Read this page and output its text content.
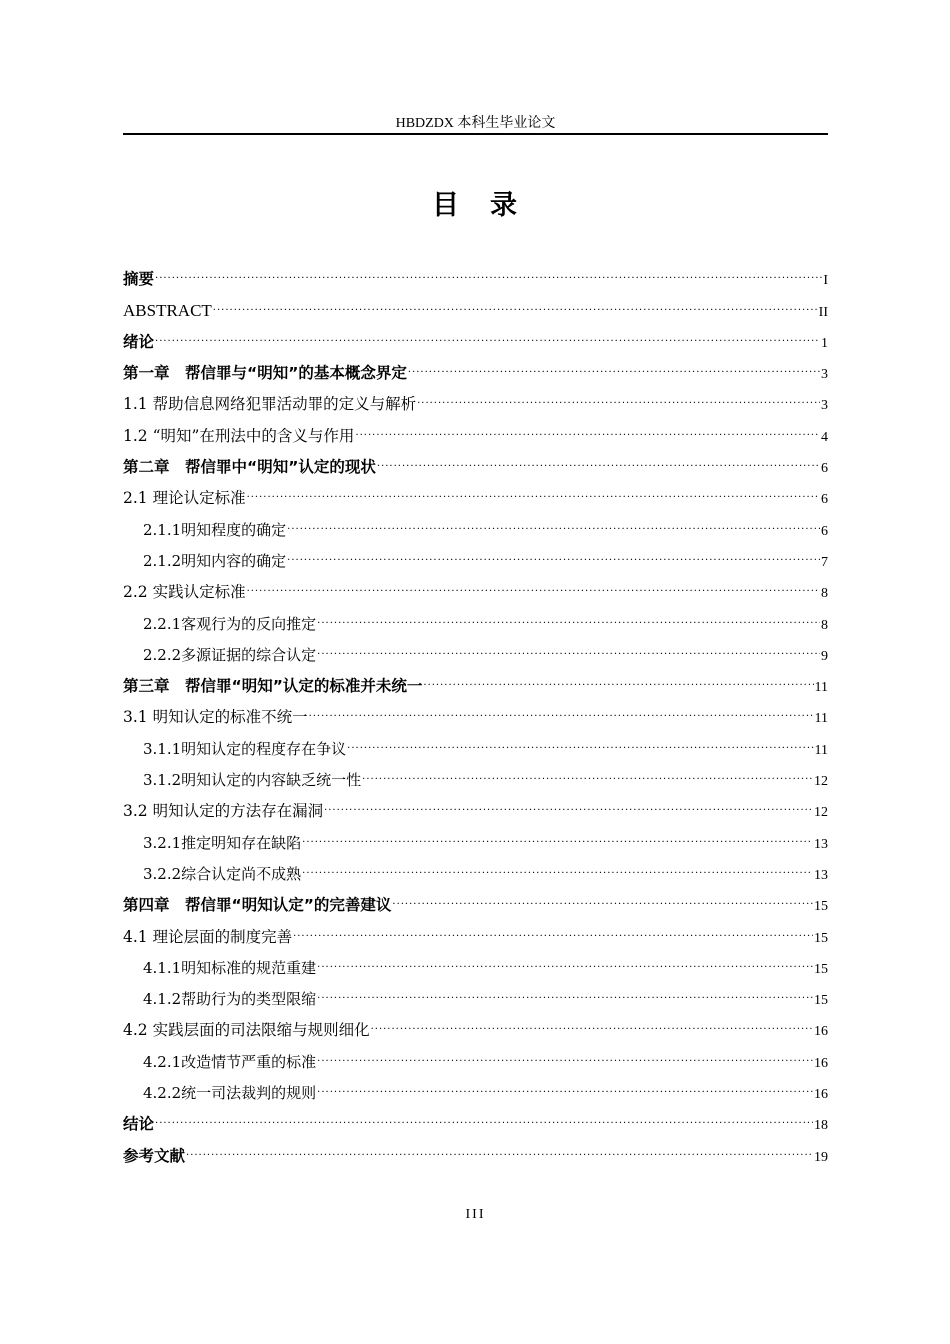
HBDZDX 本科生毕业论文
目　录
摘要 ·····	I
ABSTRACT ·····	II
绪论 ·····	1
第一章　帮信罪与“明知”的基本概念界定 ·····	3
1.1 帮助信息网络犯罪活动罪的定义与解析 ·····	3
1.2 “明知”在刑法中的含义与作用 ·····	4
第二章　帮信罪中“明知”认定的现状 ·····	6
2.1 理论认定标准 ·····	6
2.1.1明知程度的确定 ·····	6
2.1.2明知内容的确定 ·····	7
2.2 实践认定标准 ·····	8
2.2.1客观行为的反向推定 ·····	8
2.2.2多源证据的综合认定 ·····	9
第三章　帮信罪“明知”认定的标准并未统一 ·····	11
3.1 明知认定的标准不统一 ·····	11
3.1.1明知认定的程度存在争议 ·····	11
3.1.2明知认定的内容缺乏统一性 ·····	12
3.2 明知认定的方法存在漏洞 ·····	12
3.2.1推定明知存在缺陷 ·····	13
3.2.2综合认定尚不成熟 ·····	13
第四章　帮信罪“明知认定”的完善建议 ·····	15
4.1 理论层面的制度完善 ·····	15
4.1.1明知标准的规范重建 ·····	15
4.1.2帮助行为的类型限缩 ·····	15
4.2 实践层面的司法限缩与规则细化 ·····	16
4.2.1改造情节严重的标准 ·····	16
4.2.2统一司法裁判的规则 ·····	16
结论 ·····	18
参考文献 ·····	19
III
